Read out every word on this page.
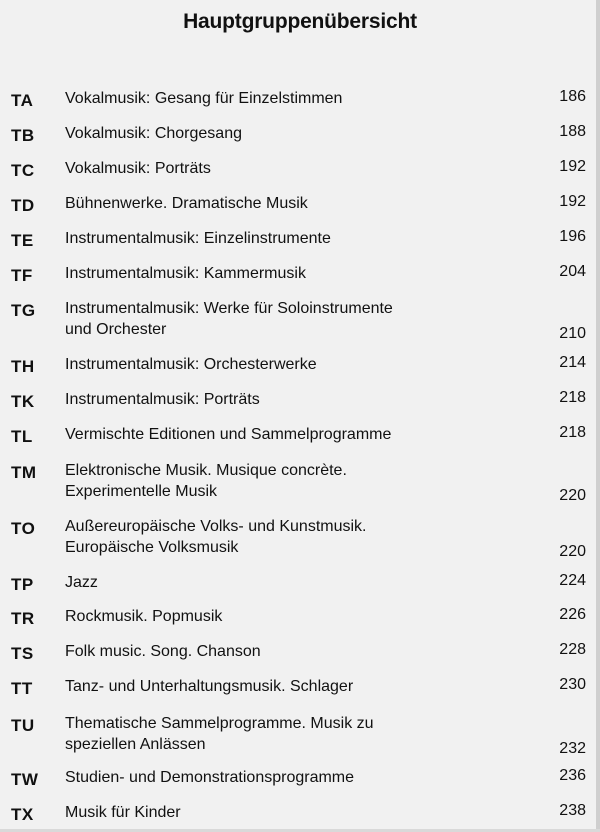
Hauptgruppenübersicht
TA Vokalmusik: Gesang für Einzelstimmen	186
TB Vokalmusik: Chorgesang	188
TC Vokalmusik: Porträts	192
TD Bühnenwerke. Dramatische Musik	192
TE Instrumentalmusik: Einzelinstrumente	196
TF Instrumentalmusik: Kammermusik	204
TG Instrumentalmusik: Werke für Soloinstrumente
und Orchester	210
TH Instrumentalmusik: Orchesterwerke	214
TK Instrumentalmusik: Porträts	218
TL Vermischte Editionen und Sammelprogramme	218
TM Elektronische Musik. Musique concrète.
Experimentelle Musik	220
TO Außereuropäische Volks- und Kunstmusik.
Europäische Volksmusik	220
TP Jazz	224
TR Rockmusik. Popmusik	226
TS Folk music. Song. Chanson	228
TT Tanz- und Unterhaltungsmusik. Schlager	230
TU Thematische Sammelprogramme. Musik zu
speziellen Anlässen	232
TW Studien- und Demonstrationsprogramme	236
TX Musik für Kinder	238
